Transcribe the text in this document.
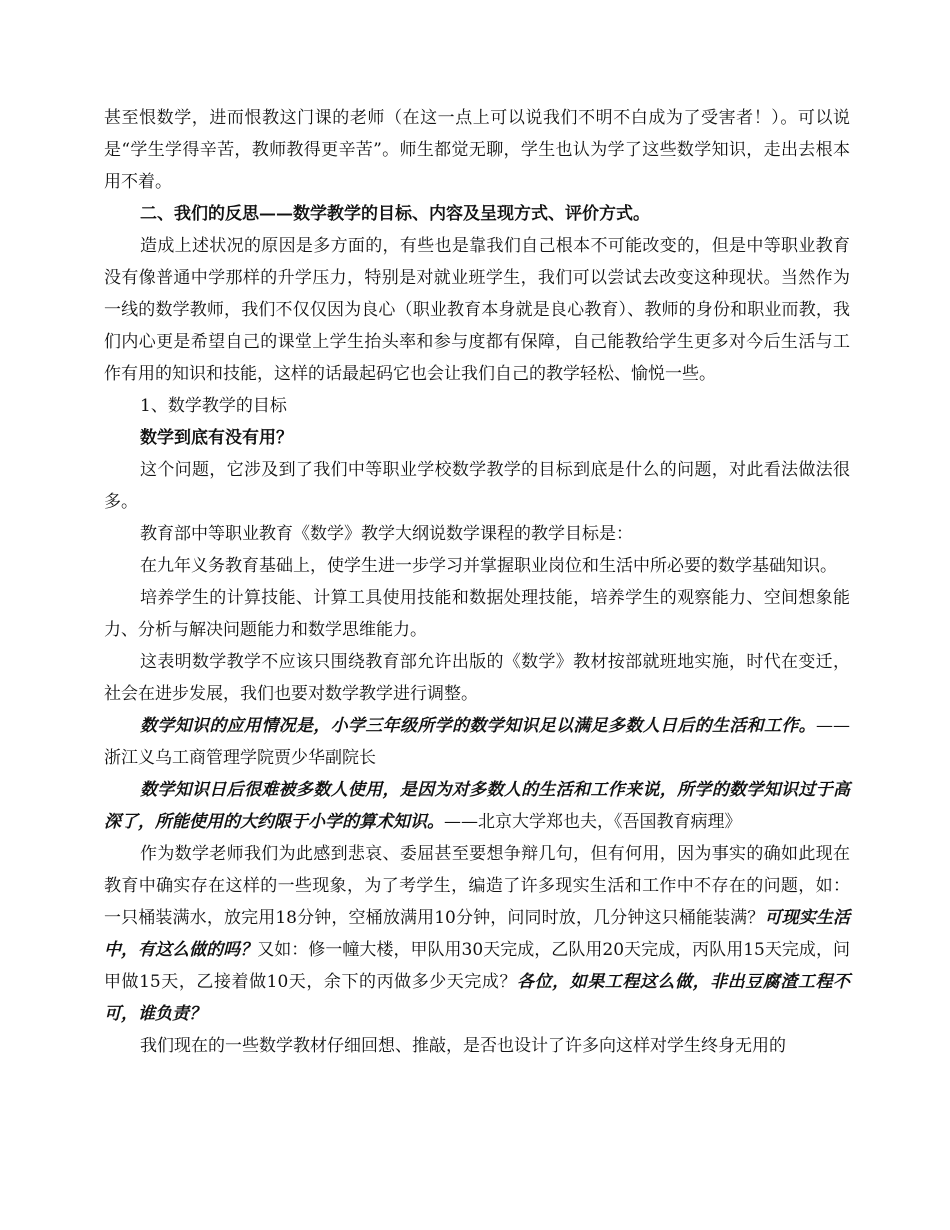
甚至恨数学，进而恨教这门课的老师（在这一点上可以说我们不明不白成为了受害者！）。可以说是“学生学得辛苦，教师教得更辛苦”。师生都觉无聊，学生也认为学了这些数学知识，走出去根本用不着。

二、我们的反思——数学教学的目标、内容及呈现方式、评价方式。

造成上述状况的原因是多方面的，有些也是靠我们自己根本不可能改变的，但是中等职业教育没有像普通中学那样的升学压力，特别是对就业班学生，我们可以尝试去改变这种现状。当然作为一线的数学教师，我们不仅仅因为良心（职业教育本身就是良心教育）、教师的身份和职业而教，我们内心更是希望自己的课堂上学生抬头率和参与度都有保障，自己能教给学生更多对今后生活与工作有用的知识和技能，这样的话最起码它也会让我们自己的教学轻松、愉悦一些。

1、数学教学的目标

数学到底有没有用？

这个问题，它涉及到了我们中等职业学校数学教学的目标到底是什么的问题，对此看法做法很多。

教育部中等职业教育《数学》教学大纲说数学课程的教学目标是：

在九年义务教育基础上，使学生进一步学习并掌握职业岗位和生活中所必要的数学基础知识。

培养学生的计算技能、计算工具使用技能和数据处理技能，培养学生的观察能力、空间想象能力、分析与解决问题能力和数学思维能力。

这表明数学教学不应该只围绕教育部允许出版的《数学》教材按部就班地实施，时代在变迁，社会在进步发展，我们也要对数学教学进行调整。

数学知识的应用情况是，小学三年级所学的数学知识足以满足多数人日后的生活和工作。——浙江义乌工商管理学院贾少华副院长

数学知识日后很难被多数人使用，是因为对多数人的生活和工作来说，所学的数学知识过于高深了，所能使用的大约限于小学的算术知识。——北京大学郑也夫，《吾国教育病理》

作为数学老师我们为此感到悲哀、委屈甚至要想争辩几句，但有何用，因为事实的确如此现在教育中确实存在这样的一些现象，为了考学生，编造了许多现实生活和工作中不存在的问题，如：一只桶装满水，放完用18分钟，空桶放满用10分钟，问同时放，几分钟这只桶能装满？可现实生活中，有这么做的吗？又如：修一幢大楼，甲队用30天完成，乙队用20天完成，丙队用15天完成，问甲做15天，乙接着做10天，余下的丙做多少天完成？各位，如果工程这么做，非出豆腐渣工程不可，谁负责？

我们现在的一些数学教材仔细回想、推敲，是否也设计了许多向这样对学生终身无用的
